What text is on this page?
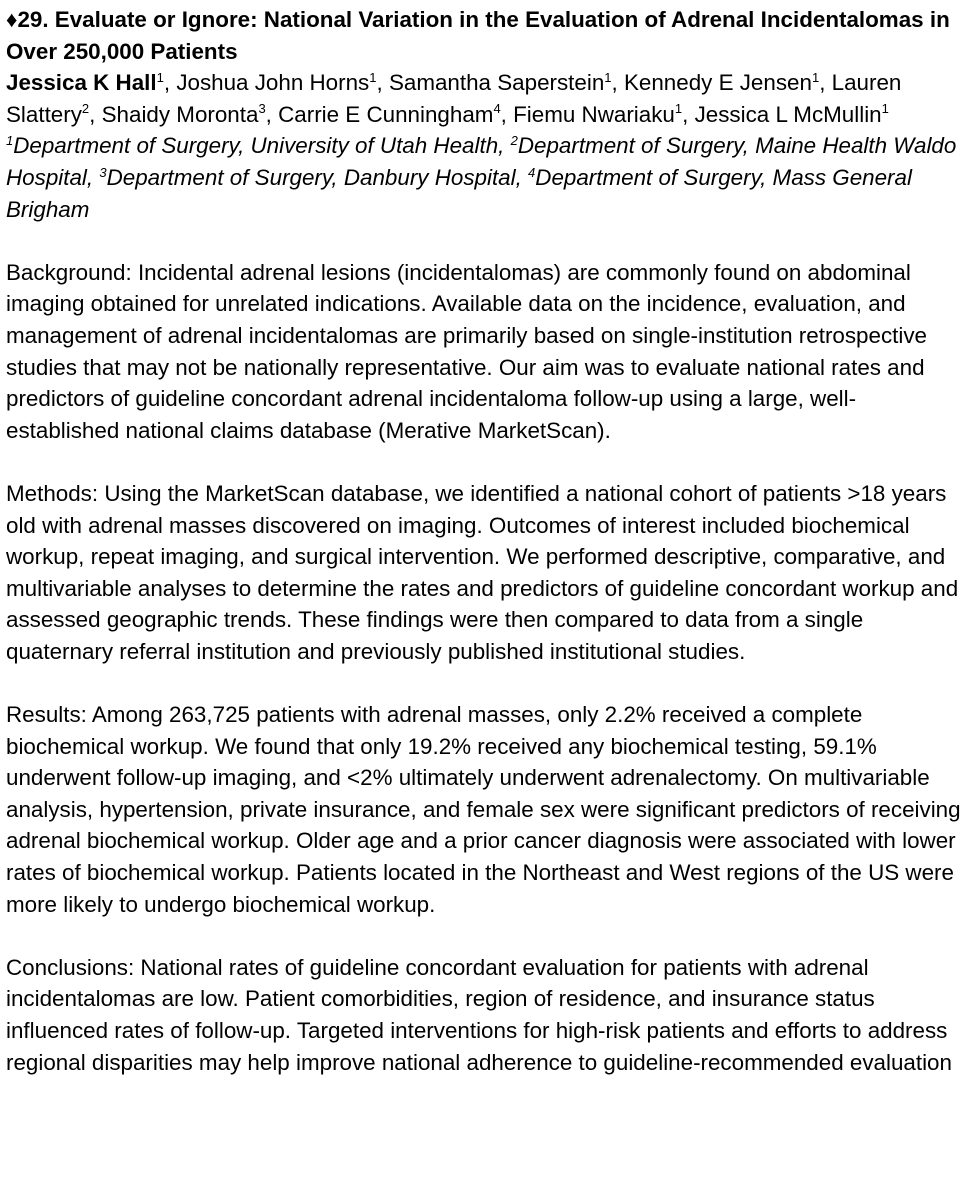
♦29. Evaluate or Ignore: National Variation in the Evaluation of Adrenal Incidentalomas in Over 250,000 Patients

Jessica K Hall$^1$, Joshua John Horns$^1$, Samantha Saperstein$^1$, Kennedy E Jensen$^1$, Lauren Slattery$^2$, Shaidy Moronta$^3$, Carrie E Cunningham$^4$, Fiemu Nwariaku$^1$, Jessica L McMullin$^1$

$^1$Department of Surgery, University of Utah Health, $^2$Department of Surgery, Maine Health Waldo Hospital, $^3$Department of Surgery, Danbury Hospital, $^4$Department of Surgery, Mass General Brigham

Background: Incidental adrenal lesions (incidentalomas) are commonly found on abdominal imaging obtained for unrelated indications. Available data on the incidence, evaluation, and management of adrenal incidentalomas are primarily based on single-institution retrospective studies that may not be nationally representative. Our aim was to evaluate national rates and predictors of guideline concordant adrenal incidentaloma follow-up using a large, well-established national claims database (Merative MarketScan).

Methods: Using the MarketScan database, we identified a national cohort of patients >18 years old with adrenal masses discovered on imaging. Outcomes of interest included biochemical workup, repeat imaging, and surgical intervention. We performed descriptive, comparative, and multivariable analyses to determine the rates and predictors of guideline concordant workup and assessed geographic trends. These findings were then compared to data from a single quaternary referral institution and previously published institutional studies.

Results: Among 263,725 patients with adrenal masses, only 2.2% received a complete biochemical workup. We found that only 19.2% received any biochemical testing, 59.1% underwent follow-up imaging, and <2% ultimately underwent adrenalectomy. On multivariable analysis, hypertension, private insurance, and female sex were significant predictors of receiving adrenal biochemical workup. Older age and a prior cancer diagnosis were associated with lower rates of biochemical workup. Patients located in the Northeast and West regions of the US were more likely to undergo biochemical workup.

Conclusions: National rates of guideline concordant evaluation for patients with adrenal incidentalomas are low. Patient comorbidities, region of residence, and insurance status influenced rates of follow-up. Targeted interventions for high-risk patients and efforts to address regional disparities may help improve national adherence to guideline-recommended evaluation
